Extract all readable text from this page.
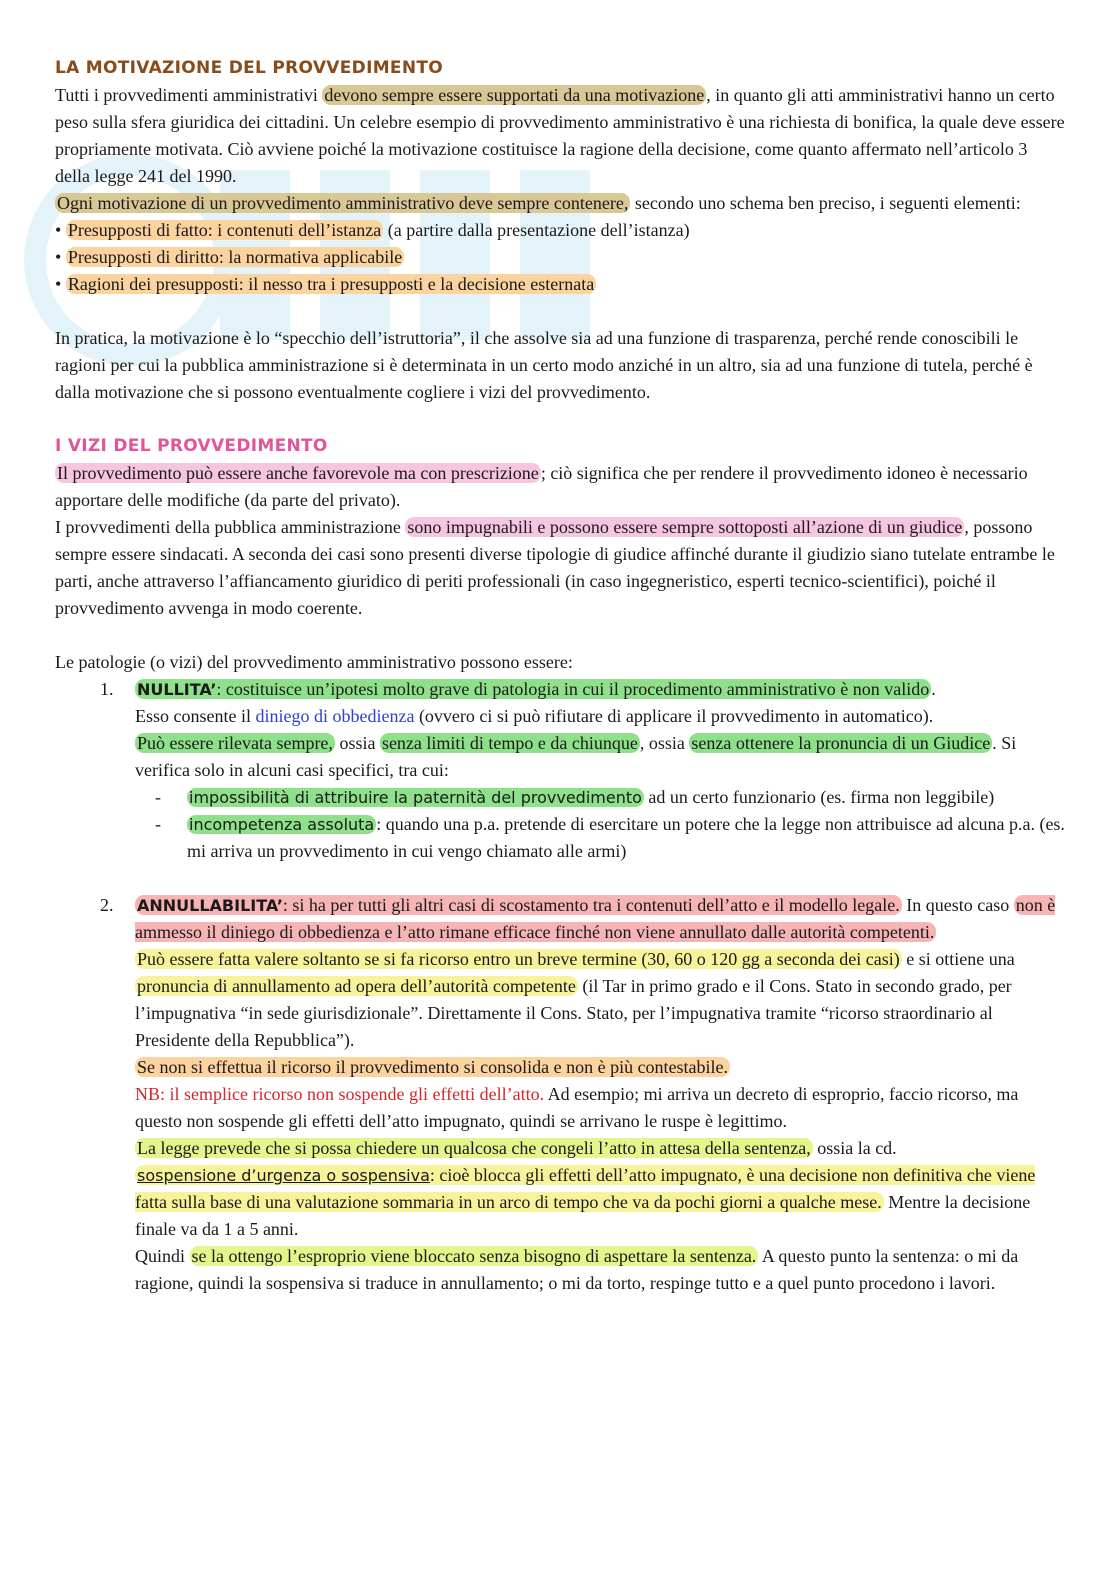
LA MOTIVAZIONE DEL PROVVEDIMENTO

Tutti i provvedimenti amministrativi devono sempre essere supportati da una motivazione , in quanto gli atti amministrativi hanno un certo peso sulla sfera giuridica dei cittadini. Un celebre esempio di provvedimento amministrativo è una richiesta di bonifica, la quale deve essere propriamente motivata. Ciò avviene poiché la motivazione costituisce la ragione della decisione, come quanto affermato nell’articolo 3 della legge 241 del 1990.

Ogni motivazione di un provvedimento amministrativo deve sempre contenere, secondo uno schema ben preciso, i seguenti elementi:

• Presupposti di fatto: i contenuti dell’istanza (a partire dalla presentazione dell’istanza)
• Presupposti di diritto: la normativa applicabile
• Ragioni dei presupposti: il nesso tra i presupposti e la decisione esternata

In pratica, la motivazione è lo “specchio dell’istruttoria”, il che assolve sia ad una funzione di trasparenza, perché rende conoscibili le ragioni per cui la pubblica amministrazione si è determinata in un certo modo anziché in un altro, sia ad una funzione di tutela, perché è dalla motivazione che si possono eventualmente cogliere i vizi del provvedimento.

I VIZI DEL PROVVEDIMENTO

Il provvedimento può essere anche favorevole ma con prescrizione ; ciò significa che per rendere il provvedimento idoneo è necessario apportare delle modifiche (da parte del privato).

I provvedimenti della pubblica amministrazione sono impugnabili e possono essere sempre sottoposti all’azione di un giudice , possono sempre essere sindacati. A seconda dei casi sono presenti diverse tipologie di giudice affinché durante il giudizio siano tutelate entrambe le parti, anche attraverso l’affiancamento giuridico di periti professionali (in caso ingegneristico, esperti tecnico-scientifici), poiché il provvedimento avvenga in modo coerente.

Le patologie (o vizi) del provvedimento amministrativo possono essere:

1. NULLITA’: costituisce un’ipotesi molto grave di patologia in cui il procedimento amministrativo è non valido .

Esso consente il diniego di obbedienza (ovvero ci si può rifiutare di applicare il provvedimento in automatico).

Può essere rilevata sempre, ossia senza limiti di tempo e da chiunque , ossia senza ottenere la pronuncia di un Giudice . Si verifica solo in alcuni casi specifici, tra cui:

- impossibilità di attribuire la paternità del provvedimento ad un certo funzionario (es. firma non leggibile)

- incompetenza assoluta : quando una p.a. pretende di esercitare un potere che la legge non attribuisce ad alcuna p.a. (es. mi arriva un provvedimento in cui vengo chiamato alle armi)

2. ANNULLABILITA’: si ha per tutti gli altri casi di scostamento tra i contenuti dell’atto e il modello legale. In questo caso non è ammesso il diniego di obbedienza e l’atto rimane efficace finché non viene annullato dalle autorità competenti.

Può essere fatta valere soltanto se si fa ricorso entro un breve termine (30, 60 o 120 gg a seconda dei casi) e si ottiene una pronuncia di annullamento ad opera dell’autorità competente (il Tar in primo grado e il Cons. Stato in secondo grado, per l’impugnativa “in sede giurisdizionale”. Direttamente il Cons. Stato, per l’impugnativa tramite “ricorso straordinario al Presidente della Repubblica”).

Se non si effettua il ricorso il provvedimento si consolida e non è più contestabile.

NB: il semplice ricorso non sospende gli effetti dell’atto. Ad esempio; mi arriva un decreto di esproprio, faccio ricorso, ma questo non sospende gli effetti dell’atto impugnato, quindi se arrivano le ruspe è legittimo.

La legge prevede che si possa chiedere un qualcosa che congeli l’atto in attesa della sentenza, ossia la cd.

sospensione d’urgenza o sospensiva: cioè blocca gli effetti dell’atto impugnato, è una decisione non definitiva che viene fatta sulla base di una valutazione sommaria in un arco di tempo che va da pochi giorni a qualche mese. Mentre la decisione finale va da 1 a 5 anni.

Quindi se la ottengo l’esproprio viene bloccato senza bisogno di aspettare la sentenza. A questo punto la sentenza: o mi da ragione, quindi la sospensiva si traduce in annullamento; o mi da torto, respinge tutto e a quel punto procedono i lavori.
